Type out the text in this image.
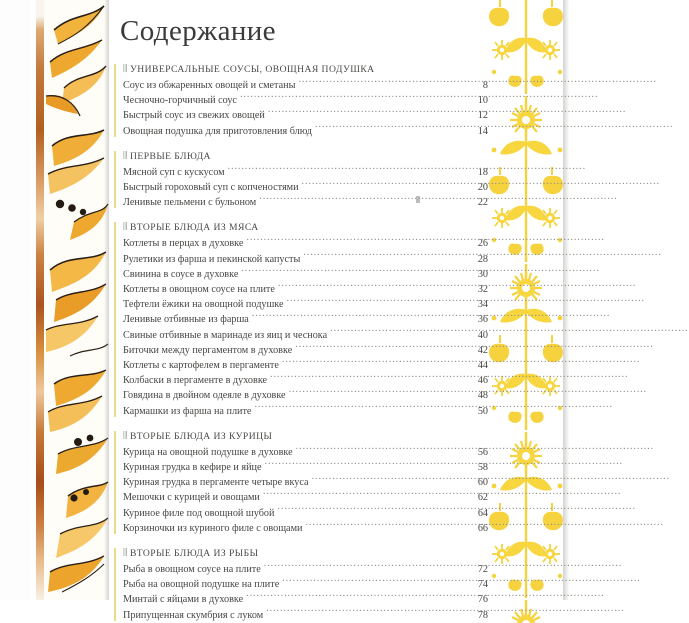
Содержание
УНИВЕРСАЛЬНЫЕ СОУСЫ, ОВОЩНАЯ ПОДУШКА
Соус из обжаренных овощей и сметаны .....	8
Чесночно-горчичный соус .....	10
Быстрый соус из свежих овощей .....	12
Овощная подушка для приготовления блюд .....	14
ПЕРВЫЕ БЛЮДА
Мясной суп с кускусом .....	18
Быстрый гороховый суп с копченостями .....	20
Ленивые пельмени с бульоном .....	22
ВТОРЫЕ БЛЮДА ИЗ МЯСА
Котлеты в перцах в духовке .....	26
Рулетики из фарша и пекинской капусты .....	28
Свинина в соусе в духовке .....	30
Котлеты в овощном соусе на плите .....	32
Тефтели ёжики на овощной подушке .....	34
Ленивые отбивные из фарша .....	36
Свиные отбивные в маринаде из яиц и чеснока .....	40
Биточки между пергаментом в духовке .....	42
Котлеты с картофелем в пергаменте .....	44
Колбаски в пергаменте в духовке .....	46
Говядина в двойном одеяле в духовке .....	48
Кармашки из фарша на плите .....	50
ВТОРЫЕ БЛЮДА ИЗ КУРИЦЫ
Курица на овощной подушке в духовке .....	56
Куриная грудка в кефире и яйце .....	58
Куриная грудка в пергаменте четыре вкуса .....	60
Мешочки с курицей и овощами .....	62
Куриное филе под овощной шубой .....	64
Корзиночки из куриного филе с овощами .....	66
ВТОРЫЕ БЛЮДА ИЗ РЫБЫ
Рыба в овощном соусе на плите .....	72
Рыба на овощной подушке на плите .....	74
Минтай с яйцами в духовке .....	76
Припущенная скумбрия с луком .....	78
